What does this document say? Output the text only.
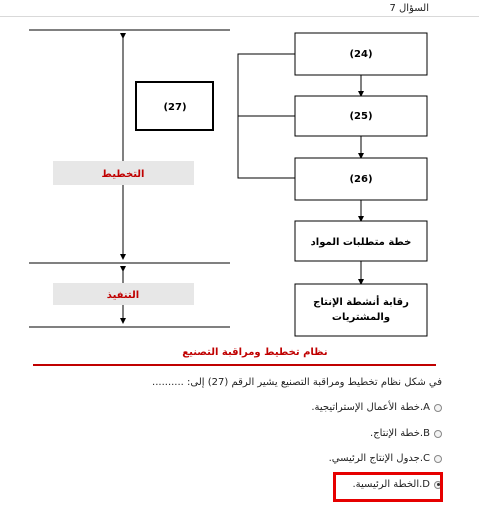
السؤال 7
التخطيط
التنفيذ
(27)
(24)
(25)
(26)
خطة متطلبات المواد
رقابة أنشطة الإنتاج
والمشتريات
نظام تخطيط ومراقبة التصنيع
في شكل نظام تخطيط ومراقبة التصنيع يشير الرقم (27) إلى: ..........
A.خطة الأعمال الإستراتيجية.
B.خطة الإنتاج.
C.جدول الإنتاج الرئيسي.
D.الخطة الرئيسية.
